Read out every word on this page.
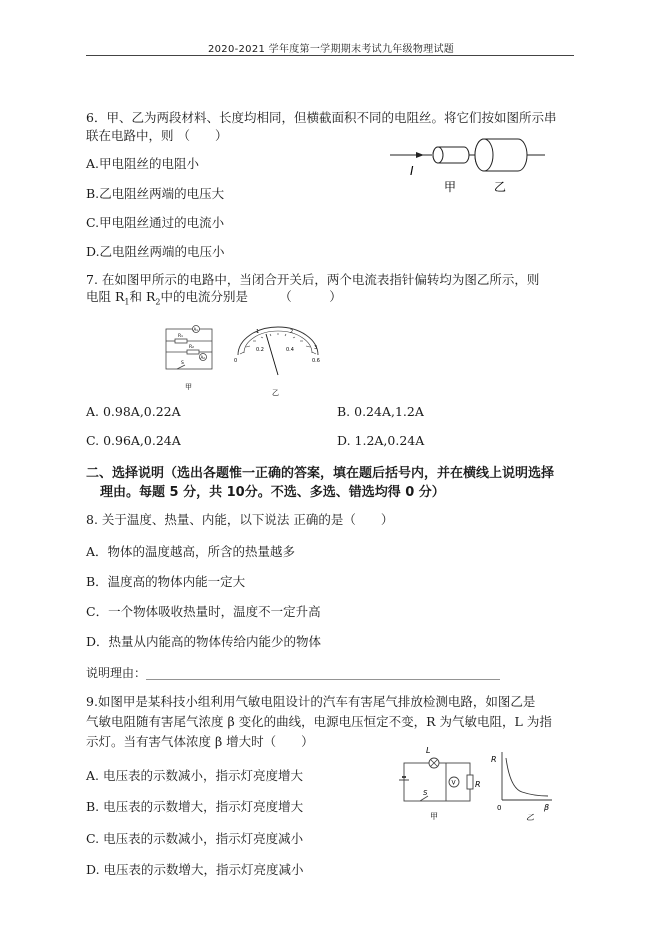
2020-2021 学年度第一学期期末考试九年级物理试题
6．甲、乙为两段材料、长度均相同，但横截面积不同的电阻丝。将它们按如图所示串
联在电路中，则 （　　）
A.甲电阻丝的电阻小
B.乙电阻丝两端的电压大
C.甲电阻丝通过的电流小
D.乙电阻丝两端的电压小
I
甲	乙
7. 在如图甲所示的电路中，当闭合开关后，两个电流表指针偏转均为图乙所示，则
电阻 $R_1$和 $R_2$中的电流分别是　　　（　　　）
A₁
R₁
R₂
A₂
S
甲
0
0.2	0.4
0.6
1	2
3
乙
A. 0.98A,0.22A	B. 0.24A,1.2A
C. 0.96A,0.24A	D. 1.2A,0.24A
二、选择说明（选出各题惟一正确的答案，填在题后括号内，并在横线上说明选择
理由。每题 5 分，共 10分。不选、多选、错选均得 0 分）
8. 关于温度、热量、内能，以下说法 正确的是（　　）
A．物体的温度越高，所含的热量越多
B．温度高的物体内能一定大
C．一个物体吸收热量时，温度不一定升高
D．热量从内能高的物体传给内能少的物体
说明理由：___________________________________________________________
9.如图甲是某科技小组利用气敏电阻设计的汽车有害尾气排放检测电路，如图乙是
气敏电阻随有害尾气浓度 β 变化的曲线，电源电压恒定不变，R 为气敏电阻，L 为指
示灯。当有害气体浓度 β 增大时（　　）
A. 电压表的示数减小，指示灯亮度增大
B. 电压表的示数增大，指示灯亮度增大
C. 电压表的示数减小，指示灯亮度减小
D. 电压表的示数增大，指示灯亮度减小
L
V R
S
甲
R
β
0
乙
